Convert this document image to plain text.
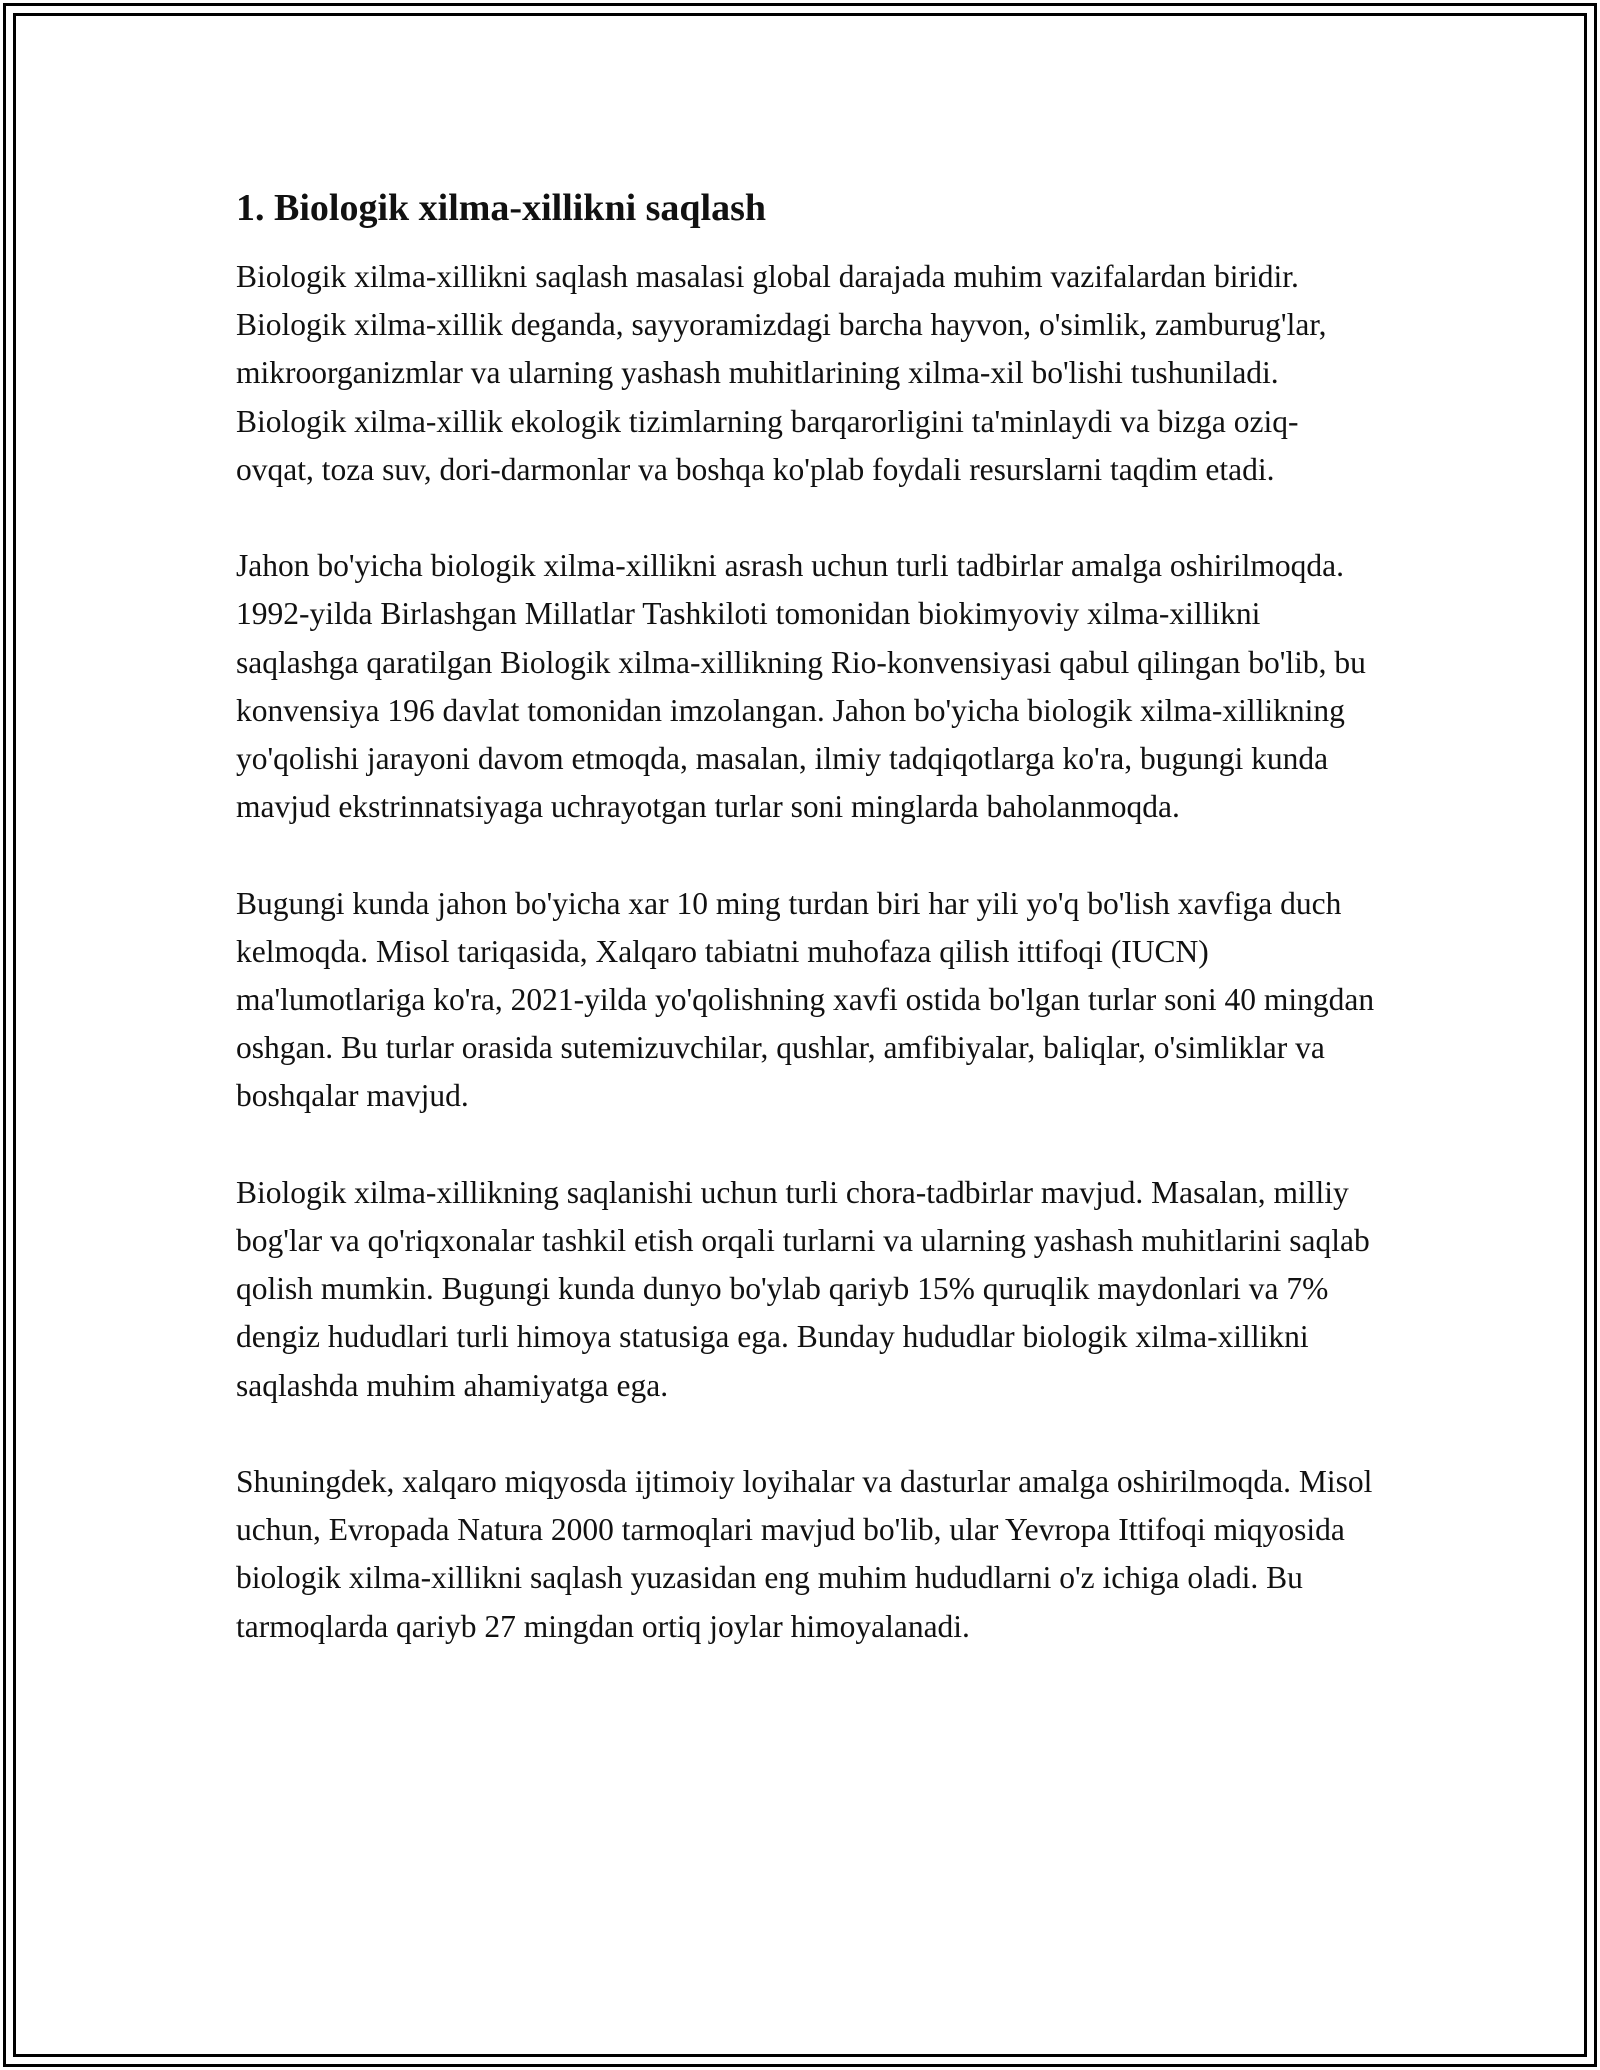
1. Biologik xilma-xillikni saqlash

Biologik xilma-xillikni saqlash masalasi global darajada muhim vazifalardan biridir. Biologik xilma-xillik deganda, sayyoramizdagi barcha hayvon, o'simlik, zamburug'lar, mikroorganizmlar va ularning yashash muhitlarining xilma-xil bo'lishi tushuniladi. Biologik xilma-xillik ekologik tizimlarning barqarorligini ta'minlaydi va bizga oziq-ovqat, toza suv, dori-darmonlar va boshqa ko'plab foydali resurslarni taqdim etadi.

Jahon bo'yicha biologik xilma-xillikni asrash uchun turli tadbirlar amalga oshirilmoqda. 1992-yilda Birlashgan Millatlar Tashkiloti tomonidan biokimyoviy xilma-xillikni saqlashga qaratilgan Biologik xilma-xillikning Rio-konvensiyasi qabul qilingan bo'lib, bu konvensiya 196 davlat tomonidan imzolangan. Jahon bo'yicha biologik xilma-xillikning yo'qolishi jarayoni davom etmoqda, masalan, ilmiy tadqiqotlarga ko'ra, bugungi kunda mavjud ekstrinnatsiyaga uchrayotgan turlar soni minglarda baholanmoqda.

Bugungi kunda jahon bo'yicha xar 10 ming turdan biri har yili yo'q bo'lish xavfiga duch kelmoqda. Misol tariqasida, Xalqaro tabiatni muhofaza qilish ittifoqi (IUCN) ma'lumotlariga ko'ra, 2021-yilda yo'qolishning xavfi ostida bo'lgan turlar soni 40 mingdan oshgan. Bu turlar orasida sutemizuvchilar, qushlar, amfibiyalar, baliqlar, o'simliklar va boshqalar mavjud.

Biologik xilma-xillikning saqlanishi uchun turli chora-tadbirlar mavjud. Masalan, milliy bog'lar va qo'riqxonalar tashkil etish orqali turlarni va ularning yashash muhitlarini saqlab qolish mumkin. Bugungi kunda dunyo bo'ylab qariyb 15% quruqlik maydonlari va 7% dengiz hududlari turli himoya statusiga ega. Bunday hududlar biologik xilma-xillikni saqlashda muhim ahamiyatga ega.

Shuningdek, xalqaro miqyosda ijtimoiy loyihalar va dasturlar amalga oshirilmoqda. Misol uchun, Evropada Natura 2000 tarmoqlari mavjud bo'lib, ular Yevropa Ittifoqi miqyosida biologik xilma-xillikni saqlash yuzasidan eng muhim hududlarni o'z ichiga oladi. Bu tarmoqlarda qariyb 27 mingdan ortiq joylar himoyalanadi.
